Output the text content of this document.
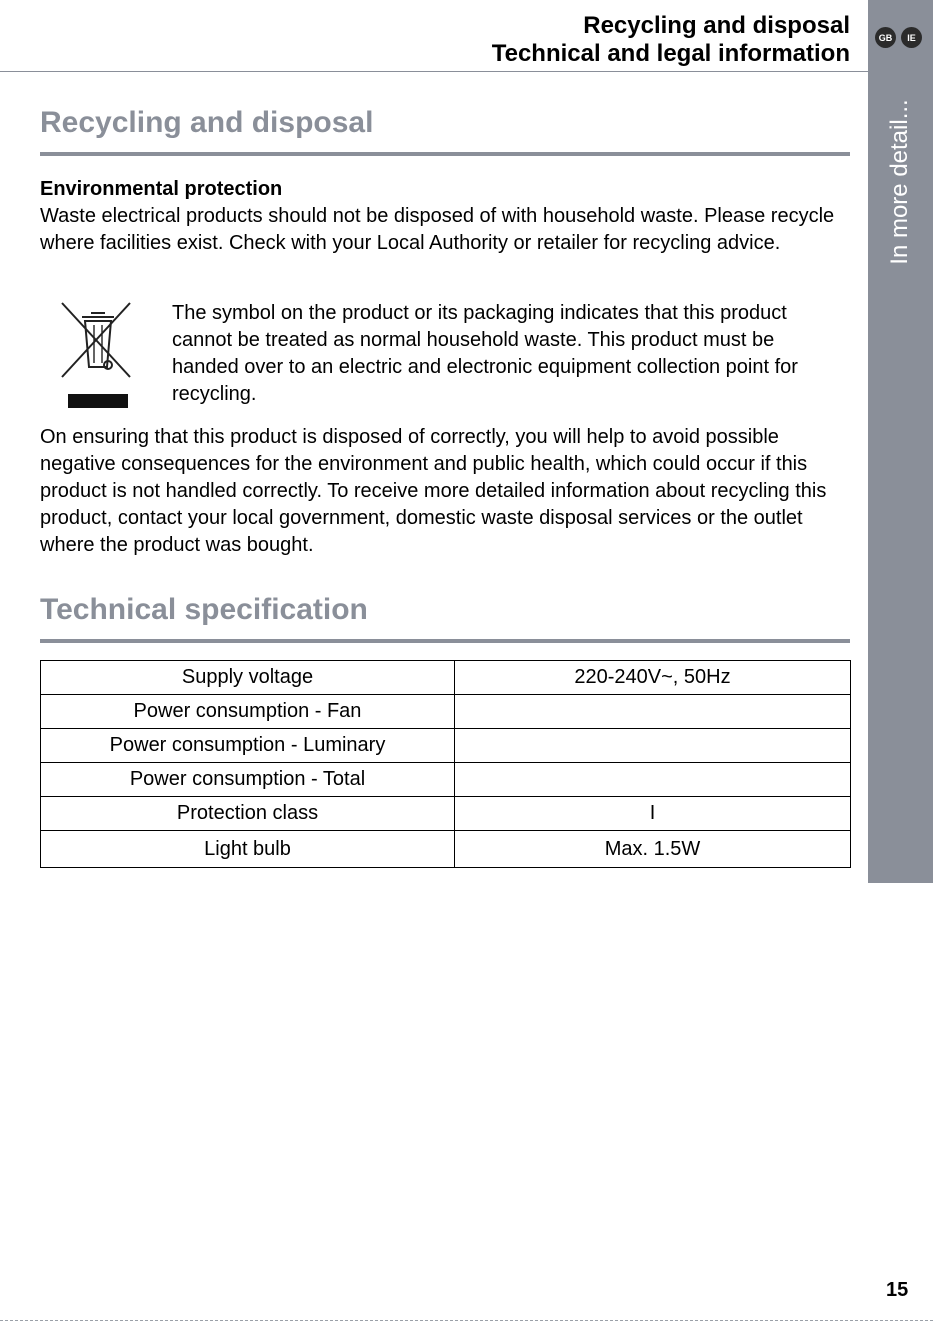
Recycling and disposal
Technical and legal information
GB	IE
In more detail...
Recycling and disposal
Environmental protection

Waste electrical products should not be disposed of with household waste. Please recycle where facilities exist. Check with your Local Authority or retailer for recycling advice.

The symbol on the product or its packaging indicates that this product cannot be treated as normal household waste. This product must be handed over to an electric and electronic equipment collection point for recycling.

On ensuring that this product is disposed of correctly, you will help to avoid possible negative consequences for the environment and public health, which could occur if this product is not handled correctly. To receive more detailed information about recycling this product, contact your local government, domestic waste disposal services or the outlet where the product was bought.

Technical specification
Supply voltage	220-240V~, 50Hz
Power consumption - Fan	
Power consumption - Luminary	
Power consumption - Total	
Protection class	I
Light bulb	Max. 1.5W
15
